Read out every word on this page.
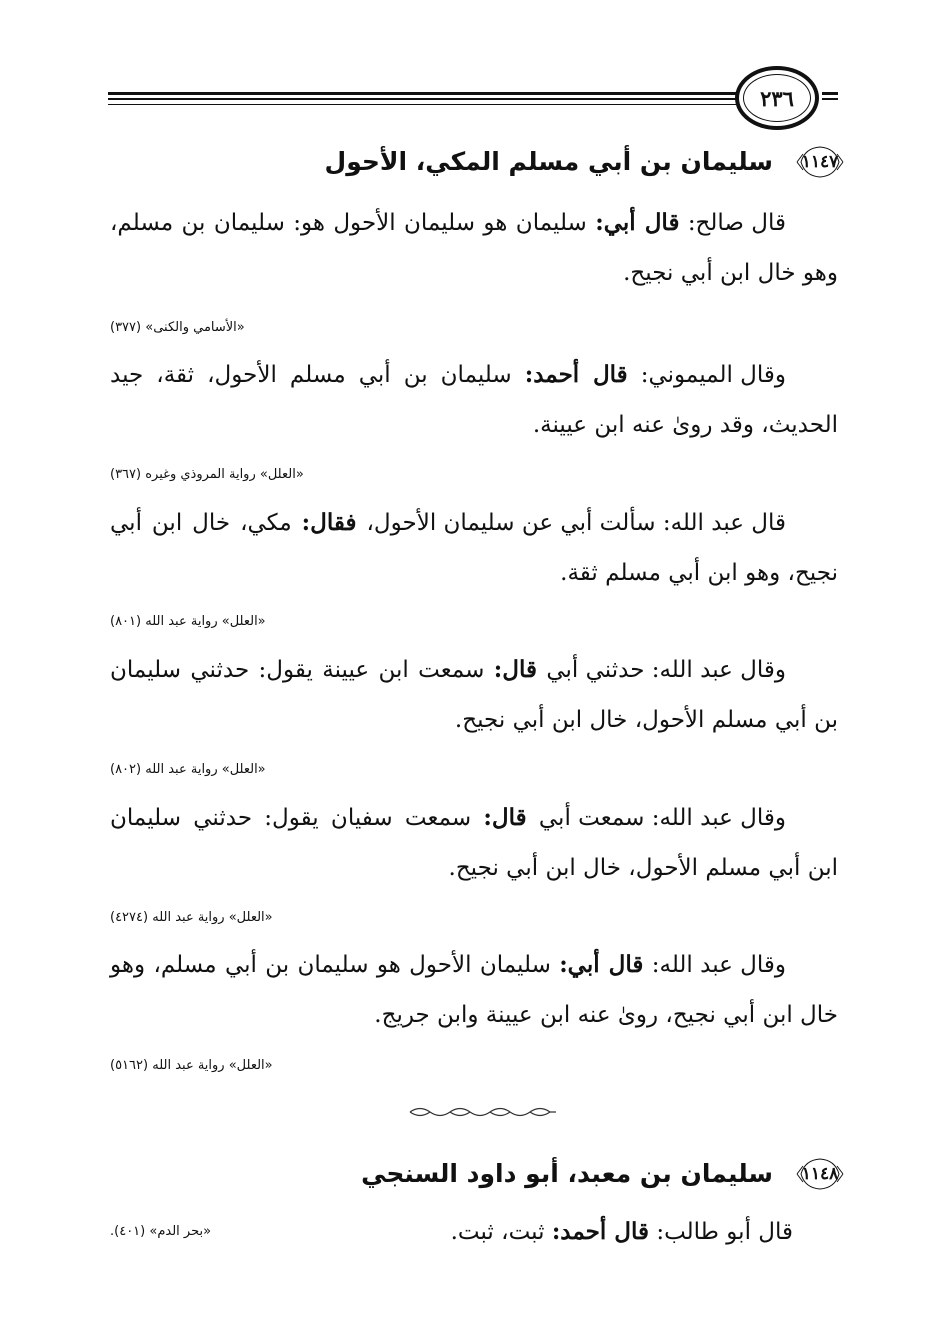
٢٣٦
١١٤٧
سليمان بن أبي مسلم المكي، الأحول
قال صالح: قال أبي: سليمان هو سليمان الأحول هو: سليمان بن مسلم، وهو خال ابن أبي نجيح.
«الأسامي والكنى» (٣٧٧)
وقال الميموني: قال أحمد: سليمان بن أبي مسلم الأحول، ثقة، جيد الحديث، وقد روىٰ عنه ابن عيينة.
«العلل» رواية المروذي وغيره (٣٦٧)
قال عبد الله: سألت أبي عن سليمان الأحول، فقال: مكي، خال ابن أبي نجيح، وهو ابن أبي مسلم ثقة.
«العلل» رواية عبد الله (٨٠١)
وقال عبد الله: حدثني أبي قال: سمعت ابن عيينة يقول: حدثني سليمان بن أبي مسلم الأحول، خال ابن أبي نجيح.
«العلل» رواية عبد الله (٨٠٢)
وقال عبد الله: سمعت أبي قال: سمعت سفيان يقول: حدثني سليمان ابن أبي مسلم الأحول، خال ابن أبي نجيح.
«العلل» رواية عبد الله (٤٢٧٤)
وقال عبد الله: قال أبي: سليمان الأحول هو سليمان بن أبي مسلم، وهو خال ابن أبي نجيح، روىٰ عنه ابن عيينة وابن جريج.
«العلل» رواية عبد الله (٥١٦٢)
١١٤٨
سليمان بن معبد، أبو داود السنجي
قال أبو طالب: قال أحمد: ثبت، ثبت.
«بحر الدم» (٤٠١).
